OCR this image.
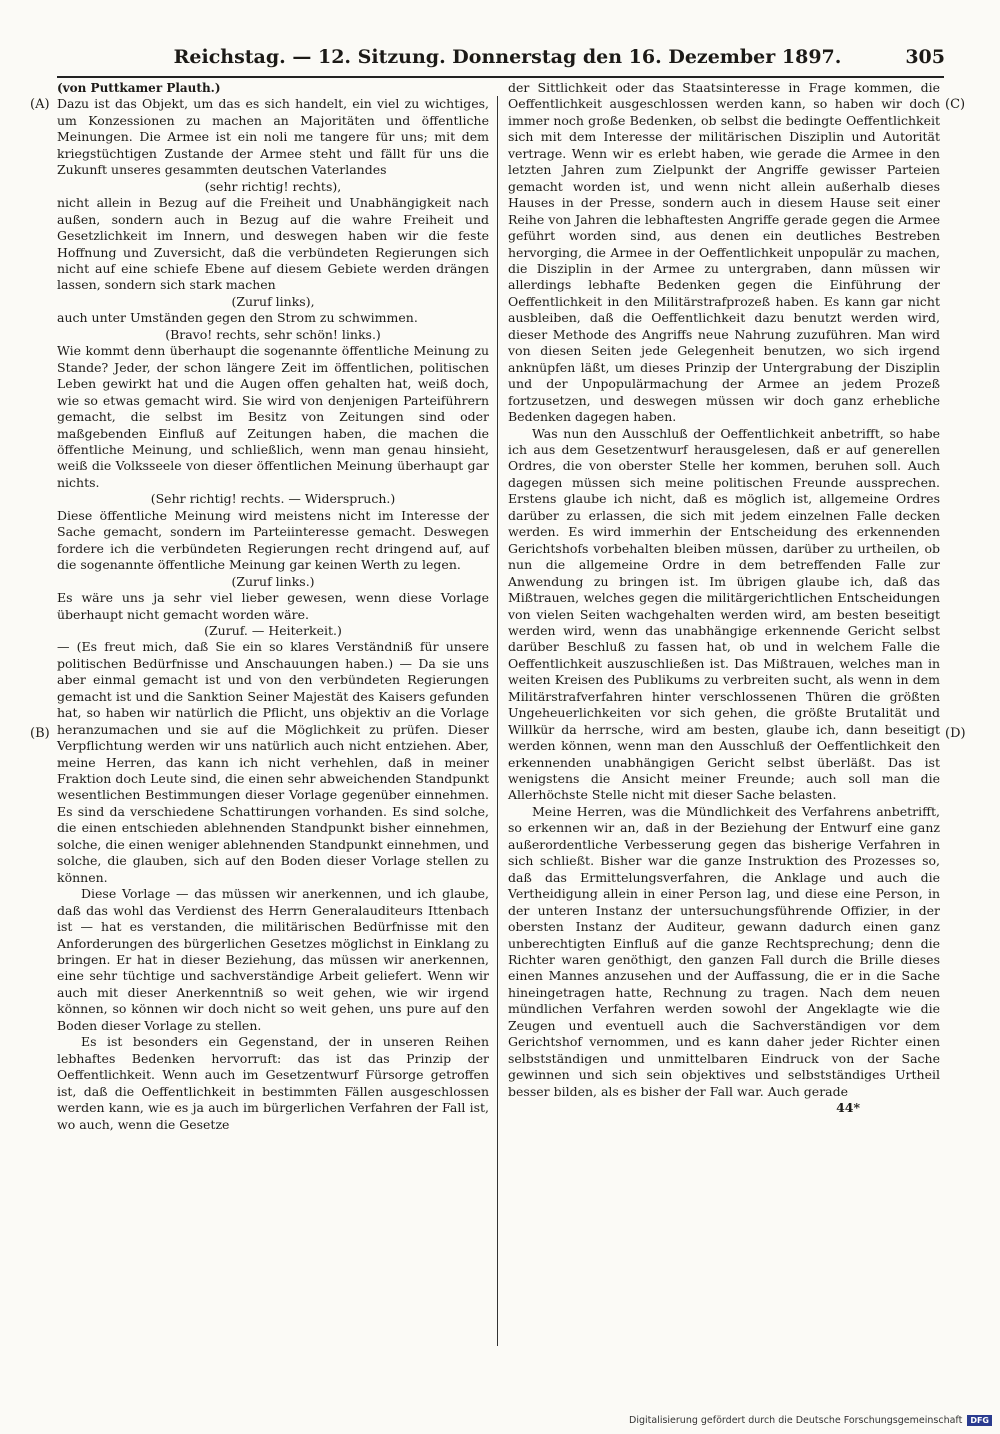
Reichstag. — 12. Sitzung. Donnerstag den 16. Dezember 1897.	305
(A)
(B)
(C)
(D)

(von Puttkamer Plauth.)

Dazu ist das Objekt, um das es sich handelt, ein viel zu wichtiges, um Konzessionen zu machen an Majoritäten und öffentliche Meinungen. Die Armee ist ein noli me tangere für uns; mit dem kriegstüchtigen Zustande der Armee steht und fällt für uns die Zukunft unseres gesammten deutschen Vaterlandes

(sehr richtig! rechts),

nicht allein in Bezug auf die Freiheit und Unabhängigkeit nach außen, sondern auch in Bezug auf die wahre Freiheit und Gesetzlichkeit im Innern, und deswegen haben wir die feste Hoffnung und Zuversicht, daß die verbündeten Regierungen sich nicht auf eine schiefe Ebene auf diesem Gebiete werden drängen lassen, sondern sich stark machen

(Zuruf links),

auch unter Umständen gegen den Strom zu schwimmen.

(Bravo! rechts, sehr schön! links.)

Wie kommt denn überhaupt die sogenannte öffentliche Meinung zu Stande? Jeder, der schon längere Zeit im öffentlichen, politischen Leben gewirkt hat und die Augen offen gehalten hat, weiß doch, wie so etwas gemacht wird. Sie wird von denjenigen Parteiführern gemacht, die selbst im Besitz von Zeitungen sind oder maßgebenden Einfluß auf Zeitungen haben, die machen die öffentliche Meinung, und schließlich, wenn man genau hinsieht, weiß die Volksseele von dieser öffentlichen Meinung überhaupt gar nichts.

(Sehr richtig! rechts. — Widerspruch.)

Diese öffentliche Meinung wird meistens nicht im Interesse der Sache gemacht, sondern im Parteiinteresse gemacht. Deswegen fordere ich die verbündeten Regierungen recht dringend auf, auf die sogenannte öffentliche Meinung gar keinen Werth zu legen.

(Zuruf links.)

Es wäre uns ja sehr viel lieber gewesen, wenn diese Vorlage überhaupt nicht gemacht worden wäre.

(Zuruf. — Heiterkeit.)

— (Es freut mich, daß Sie ein so klares Verständniß für unsere politischen Bedürfnisse und Anschauungen haben.) — Da sie uns aber einmal gemacht ist und von den verbündeten Regierungen gemacht ist und die Sanktion Seiner Majestät des Kaisers gefunden hat, so haben wir natürlich die Pflicht, uns objektiv an die Vorlage heranzumachen und sie auf die Möglichkeit zu prüfen. Dieser Verpflichtung werden wir uns natürlich auch nicht entziehen. Aber, meine Herren, das kann ich nicht verhehlen, daß in meiner Fraktion doch Leute sind, die einen sehr abweichenden Standpunkt wesentlichen Bestimmungen dieser Vorlage gegenüber einnehmen. Es sind da verschiedene Schattirungen vorhanden. Es sind solche, die einen entschieden ablehnenden Standpunkt bisher einnehmen, solche, die einen weniger ablehnenden Standpunkt einnehmen, und solche, die glauben, sich auf den Boden dieser Vorlage stellen zu können.

Diese Vorlage — das müssen wir anerkennen, und ich glaube, daß das wohl das Verdienst des Herrn Generalauditeurs Ittenbach ist — hat es verstanden, die militärischen Bedürfnisse mit den Anforderungen des bürgerlichen Gesetzes möglichst in Einklang zu bringen. Er hat in dieser Beziehung, das müssen wir anerkennen, eine sehr tüchtige und sachverständige Arbeit geliefert. Wenn wir auch mit dieser Anerkenntniß so weit gehen, wie wir irgend können, so können wir doch nicht so weit gehen, uns pure auf den Boden dieser Vorlage zu stellen.

Es ist besonders ein Gegenstand, der in unseren Reihen lebhaftes Bedenken hervorruft: das ist das Prinzip der Oeffentlichkeit. Wenn auch im Gesetzentwurf Fürsorge getroffen ist, daß die Oeffentlichkeit in bestimmten Fällen ausgeschlossen werden kann, wie es ja auch im bürgerlichen Verfahren der Fall ist, wo auch, wenn die Gesetze

der Sittlichkeit oder das Staatsinteresse in Frage kommen, die Oeffentlichkeit ausgeschlossen werden kann, so haben wir doch immer noch große Bedenken, ob selbst die bedingte Oeffentlichkeit sich mit dem Interesse der militärischen Disziplin und Autorität vertrage. Wenn wir es erlebt haben, wie gerade die Armee in den letzten Jahren zum Zielpunkt der Angriffe gewisser Parteien gemacht worden ist, und wenn nicht allein außerhalb dieses Hauses in der Presse, sondern auch in diesem Hause seit einer Reihe von Jahren die lebhaftesten Angriffe gerade gegen die Armee geführt worden sind, aus denen ein deutliches Bestreben hervorging, die Armee in der Oeffentlichkeit unpopulär zu machen, die Disziplin in der Armee zu untergraben, dann müssen wir allerdings lebhafte Bedenken gegen die Einführung der Oeffentlichkeit in den Militärstrafprozeß haben. Es kann gar nicht ausbleiben, daß die Oeffentlichkeit dazu benutzt werden wird, dieser Methode des Angriffs neue Nahrung zuzuführen. Man wird von diesen Seiten jede Gelegenheit benutzen, wo sich irgend anknüpfen läßt, um dieses Prinzip der Untergrabung der Disziplin und der Unpopulärmachung der Armee an jedem Prozeß fortzusetzen, und deswegen müssen wir doch ganz erhebliche Bedenken dagegen haben.

Was nun den Ausschluß der Oeffentlichkeit anbetrifft, so habe ich aus dem Gesetzentwurf herausgelesen, daß er auf generellen Ordres, die von oberster Stelle her kommen, beruhen soll. Auch dagegen müssen sich meine politischen Freunde aussprechen. Erstens glaube ich nicht, daß es möglich ist, allgemeine Ordres darüber zu erlassen, die sich mit jedem einzelnen Falle decken werden. Es wird immerhin der Entscheidung des erkennenden Gerichtshofs vorbehalten bleiben müssen, darüber zu urtheilen, ob nun die allgemeine Ordre in dem betreffenden Falle zur Anwendung zu bringen ist. Im übrigen glaube ich, daß das Mißtrauen, welches gegen die militärgerichtlichen Entscheidungen von vielen Seiten wachgehalten werden wird, am besten beseitigt werden wird, wenn das unabhängige erkennende Gericht selbst darüber Beschluß zu fassen hat, ob und in welchem Falle die Oeffentlichkeit auszuschließen ist. Das Mißtrauen, welches man in weiten Kreisen des Publikums zu verbreiten sucht, als wenn in dem Militärstrafverfahren hinter verschlossenen Thüren die größten Ungeheuerlichkeiten vor sich gehen, die größte Brutalität und Willkür da herrsche, wird am besten, glaube ich, dann beseitigt werden können, wenn man den Ausschluß der Oeffentlichkeit den erkennenden unabhängigen Gericht selbst überläßt. Das ist wenigstens die Ansicht meiner Freunde; auch soll man die Allerhöchste Stelle nicht mit dieser Sache belasten.

Meine Herren, was die Mündlichkeit des Verfahrens anbetrifft, so erkennen wir an, daß in der Beziehung der Entwurf eine ganz außerordentliche Verbesserung gegen das bisherige Verfahren in sich schließt. Bisher war die ganze Instruktion des Prozesses so, daß das Ermittelungsverfahren, die Anklage und auch die Vertheidigung allein in einer Person lag, und diese eine Person, in der unteren Instanz der untersuchungsführende Offizier, in der obersten Instanz der Auditeur, gewann dadurch einen ganz unberechtigten Einfluß auf die ganze Rechtsprechung; denn die Richter waren genöthigt, den ganzen Fall durch die Brille dieses einen Mannes anzusehen und der Auffassung, die er in die Sache hineingetragen hatte, Rechnung zu tragen. Nach dem neuen mündlichen Verfahren werden sowohl der Angeklagte wie die Zeugen und eventuell auch die Sachverständigen vor dem Gerichtshof vernommen, und es kann daher jeder Richter einen selbstständigen und unmittelbaren Eindruck von der Sache gewinnen und sich sein objektives und selbstständiges Urtheil besser bilden, als es bisher der Fall war. Auch gerade

44*

Digitalisierung gefördert durch die Deutsche Forschungsgemeinschaft	DFG
